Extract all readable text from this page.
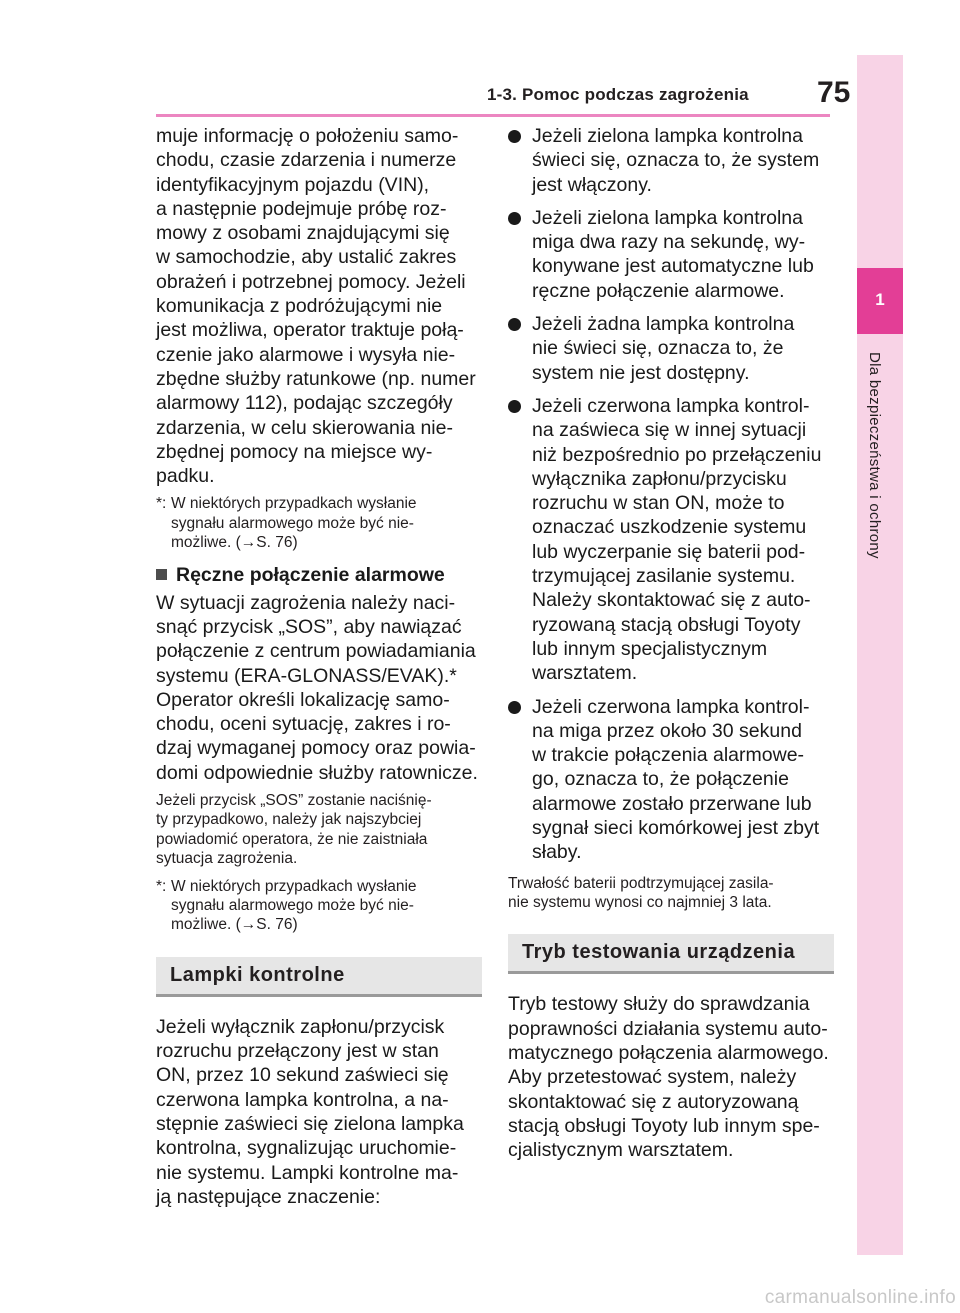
1-3. Pomoc podczas zagrożenia 75
1
Dla bezpieczeństwa i ochrony

muje informację o położeniu samo-
chodu, czasie zdarzenia i numerze
identyfikacyjnym pojazdu (VIN),
a następnie podejmuje próbę roz-
mowy z osobami znajdującymi się
w samochodzie, aby ustalić zakres
obrażeń i potrzebnej pomocy. Jeżeli
komunikacja z podróżującymi nie
jest możliwa, operator traktuje połą-
czenie jako alarmowe i wysyła nie-
zbędne służby ratunkowe (np. numer
alarmowy 112), podając szczegóły
zdarzenia, w celu skierowania nie-
zbędnej pomocy na miejsce wy-
padku.

*: W niektórych przypadkach wysłanie
sygnału alarmowego może być nie-
możliwe. (→S. 76)
Ręczne połączenie alarmowe

W sytuacji zagrożenia należy naci-
snąć przycisk „SOS”, aby nawiązać
połączenie z centrum powiadamiania
systemu (ERA-GLONASS/EVAK).*
Operator określi lokalizację samo-
chodu, oceni sytuację, zakres i ro-
dzaj wymaganej pomocy oraz powia-
domi odpowiednie służby ratownicze.

Jeżeli przycisk „SOS” zostanie naciśnię-
ty przypadkowo, należy jak najszybciej
powiadomić operatora, że nie zaistniała
sytuacja zagrożenia.

*: W niektórych przypadkach wysłanie
sygnału alarmowego może być nie-
możliwe. (→S. 76)
Lampki kontrolne

Jeżeli wyłącznik zapłonu/przycisk
rozruchu przełączony jest w stan
ON, przez 10 sekund zaświeci się
czerwona lampka kontrolna, a na-
stępnie zaświeci się zielona lampka
kontrolna, sygnalizując uruchomie-
nie systemu. Lampki kontrolne ma-
ją następujące znaczenie:

Jeżeli zielona lampka kontrolna
świeci się, oznacza to, że system
jest włączony.
Jeżeli zielona lampka kontrolna
miga dwa razy na sekundę, wy-
konywane jest automatyczne lub
ręczne połączenie alarmowe.
Jeżeli żadna lampka kontrolna
nie świeci się, oznacza to, że
system nie jest dostępny.
Jeżeli czerwona lampka kontrol-
na zaświeca się w innej sytuacji
niż bezpośrednio po przełączeniu
wyłącznika zapłonu/przycisku
rozruchu w stan ON, może to
oznaczać uszkodzenie systemu
lub wyczerpanie się baterii pod-
trzymującej zasilanie systemu.
Należy skontaktować się z auto-
ryzowaną stacją obsługi Toyoty
lub innym specjalistycznym
warsztatem.
Jeżeli czerwona lampka kontrol-
na miga przez około 30 sekund
w trakcie połączenia alarmowe-
go, oznacza to, że połączenie
alarmowe zostało przerwane lub
sygnał sieci komórkowej jest zbyt
słaby.

Trwałość baterii podtrzymującej zasila-
nie systemu wynosi co najmniej 3 lata.

Tryb testowania urządzenia

Tryb testowy służy do sprawdzania
poprawności działania systemu auto-
matycznego połączenia alarmowego.
Aby przetestować system, należy
skontaktować się z autoryzowaną
stacją obsługi Toyoty lub innym spe-
cjalistycznym warsztatem.

carmanualsonline.info
